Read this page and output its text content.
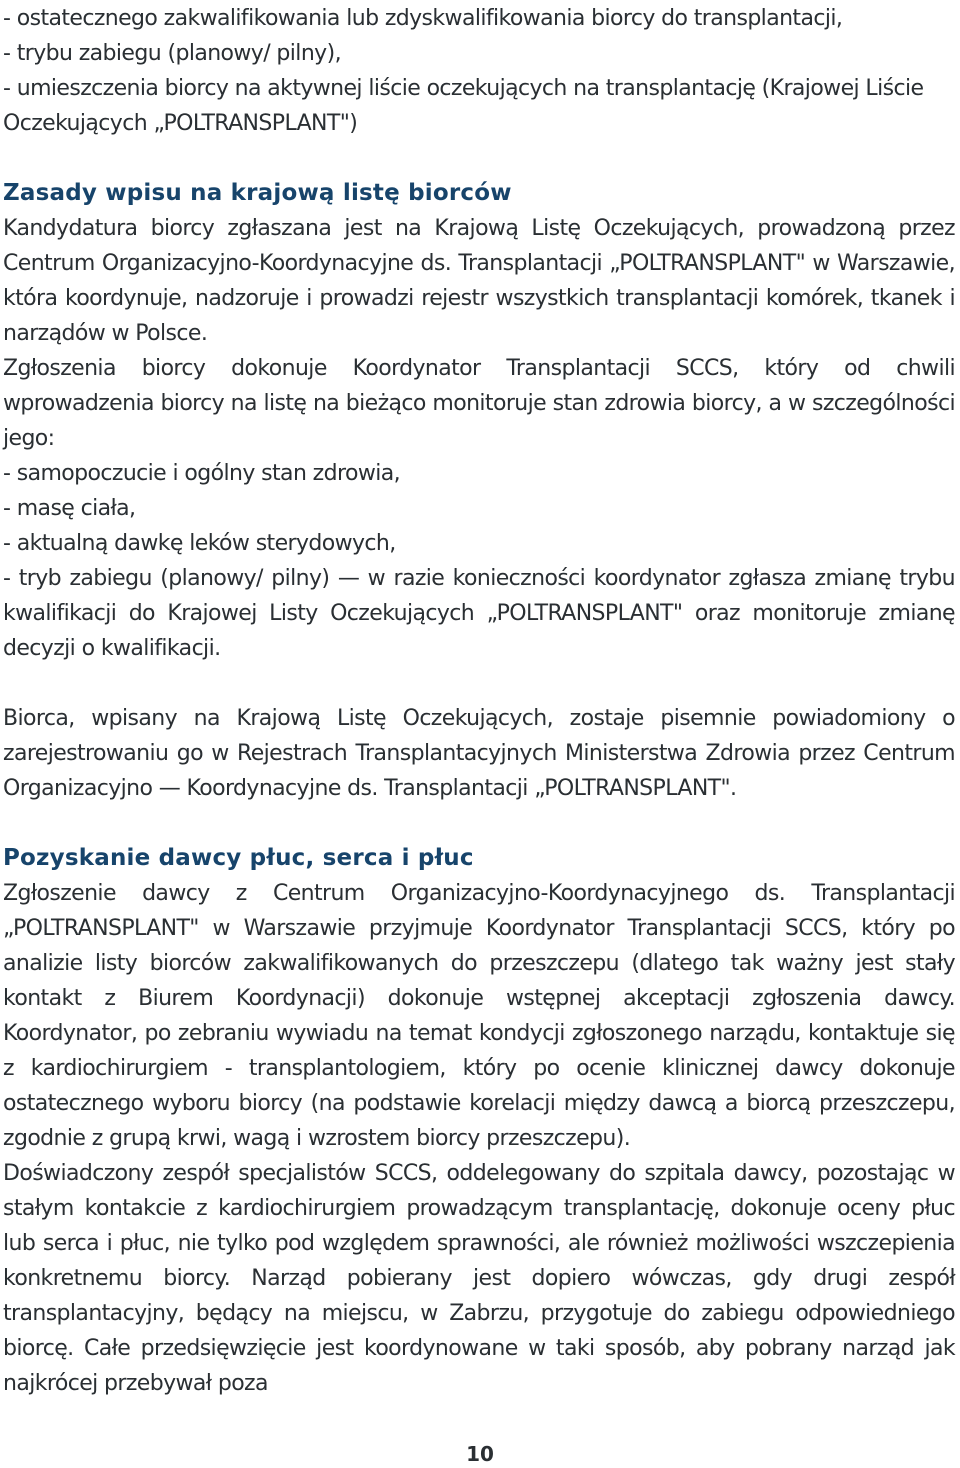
- ostatecznego zakwalifikowania lub zdyskwalifikowania biorcy do transplantacji,
- trybu zabiegu (planowy/ pilny),

- umieszczenia biorcy na aktywnej liście oczekujących na transplantację (Krajowej Liście Oczekujących „POLTRANSPLANT")

Zasady wpisu na krajową listę biorców

Kandydatura biorcy zgłaszana jest na Krajową Listę Oczekujących, prowadzoną przez Centrum Organizacyjno-Koordynacyjne ds. Transplantacji „POLTRANSPLANT" w Warszawie, która koordynuje, nadzoruje i prowadzi rejestr wszystkich transplantacji komórek, tkanek i narządów w Polsce.

Zgłoszenia biorcy dokonuje Koordynator Transplantacji SCCS, który od chwili wprowadzenia biorcy na listę na bieżąco monitoruje stan zdrowia biorcy, a w szczególności jego:

- samopoczucie i ogólny stan zdrowia,
- masę ciała,
- aktualną dawkę leków sterydowych,

- tryb zabiegu (planowy/ pilny) — w razie konieczności koordynator zgłasza zmianę trybu kwalifikacji do Krajowej Listy Oczekujących „POLTRANSPLANT" oraz monitoruje zmianę decyzji o kwalifikacji.

Biorca, wpisany na Krajową Listę Oczekujących, zostaje pisemnie powiadomiony o zarejestrowaniu go w Rejestrach Transplantacyjnych Ministerstwa Zdrowia przez Centrum Organizacyjno — Koordynacyjne ds. Transplantacji „POLTRANSPLANT".

Pozyskanie dawcy płuc, serca i płuc

Zgłoszenie dawcy z Centrum Organizacyjno-Koordynacyjnego ds. Transplantacji „POLTRANSPLANT" w Warszawie przyjmuje Koordynator Transplantacji SCCS, który po analizie listy biorców zakwalifikowanych do przeszczepu (dlatego tak ważny jest stały kontakt z Biurem Koordynacji) dokonuje wstępnej akceptacji zgłoszenia dawcy. Koordynator, po zebraniu wywiadu na temat kondycji zgłoszonego narządu, kontaktuje się z kardiochirurgiem - transplantologiem, który po ocenie klinicznej dawcy dokonuje ostatecznego wyboru biorcy (na podstawie korelacji między dawcą a biorcą przeszczepu, zgodnie z grupą krwi, wagą i wzrostem biorcy przeszczepu).

Doświadczony zespół specjalistów SCCS, oddelegowany do szpitala dawcy, pozostając w stałym kontakcie z kardiochirurgiem prowadzącym transplantację, dokonuje oceny płuc lub serca i płuc, nie tylko pod względem sprawności, ale również możliwości wszczepienia konkretnemu biorcy. Narząd pobierany jest dopiero wówczas, gdy drugi zespół transplantacyjny, będący na miejscu, w Zabrzu, przygotuje do zabiegu odpowiedniego biorcę. Całe przedsięwzięcie jest koordynowane w taki sposób, aby pobrany narząd jak najkrócej przebywał poza

10
